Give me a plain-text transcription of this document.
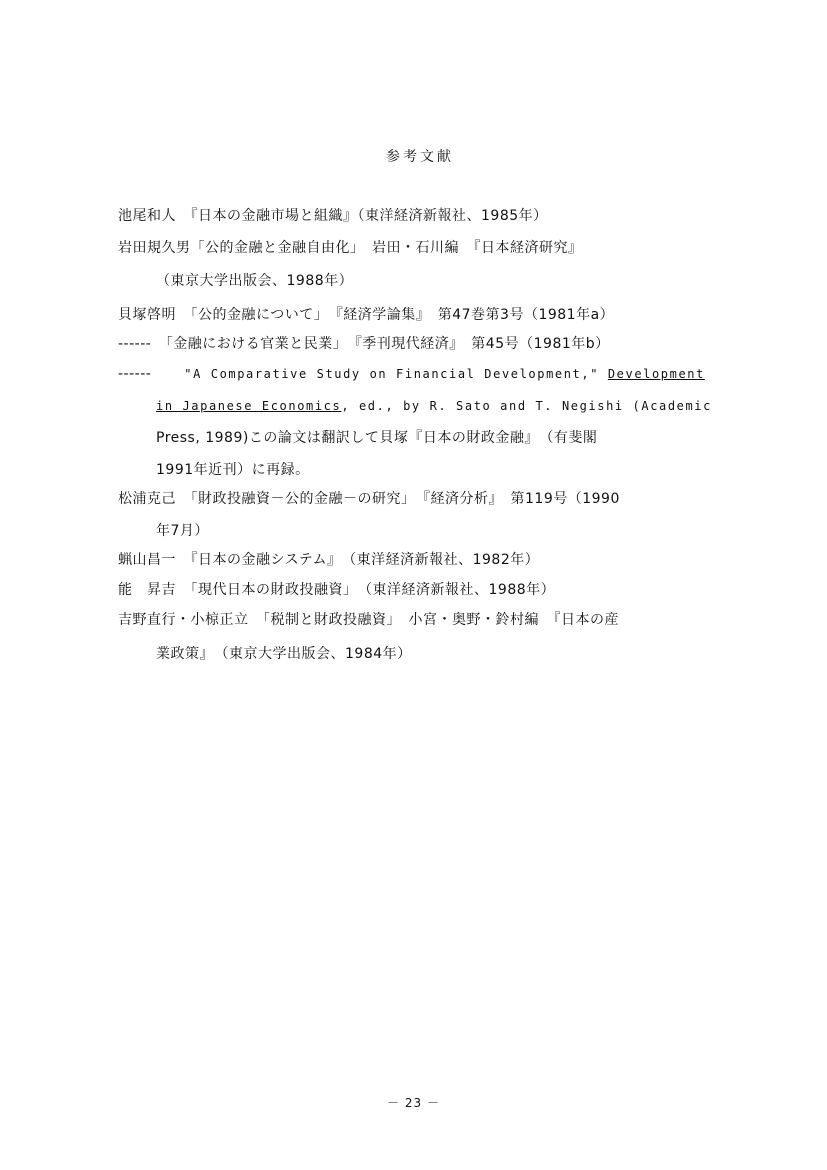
参考文献
池尾和人　『日本の金融市場と組織』（東洋経済新報社、1985年）
岩田規久男「公的金融と金融自由化」　岩田・石川編　『日本経済研究』
（東京大学出版会、1988年）
貝塚啓明　「公的金融について」　『経済学論集』　第47巻第3号（1981年a）
------　「金融における官業と民業」　『季刊現代経済』　第45号（1981年b）
------	"A Comparative Study on Financial Development," Development
in Japanese Economics, ed., by R. Sato and T. Negishi (Academic
Press, 1989)この論文は翻訳して貝塚『日本の財政金融』　（有斐閣
1991年近刊）に再録。
松浦克己　「財政投融資－公的金融－の研究」　『経済分析』　第119号（1990
年7月）
蝋山昌一　『日本の金融システム』　（東洋経済新報社、1982年）
能　昇吉　「現代日本の財政投融資」　（東洋経済新報社、1988年）
吉野直行・小椋正立　「税制と財政投融資」　小宮・奥野・鈴村編　『日本の産
業政策』　（東京大学出版会、1984年）
－ 23 －
